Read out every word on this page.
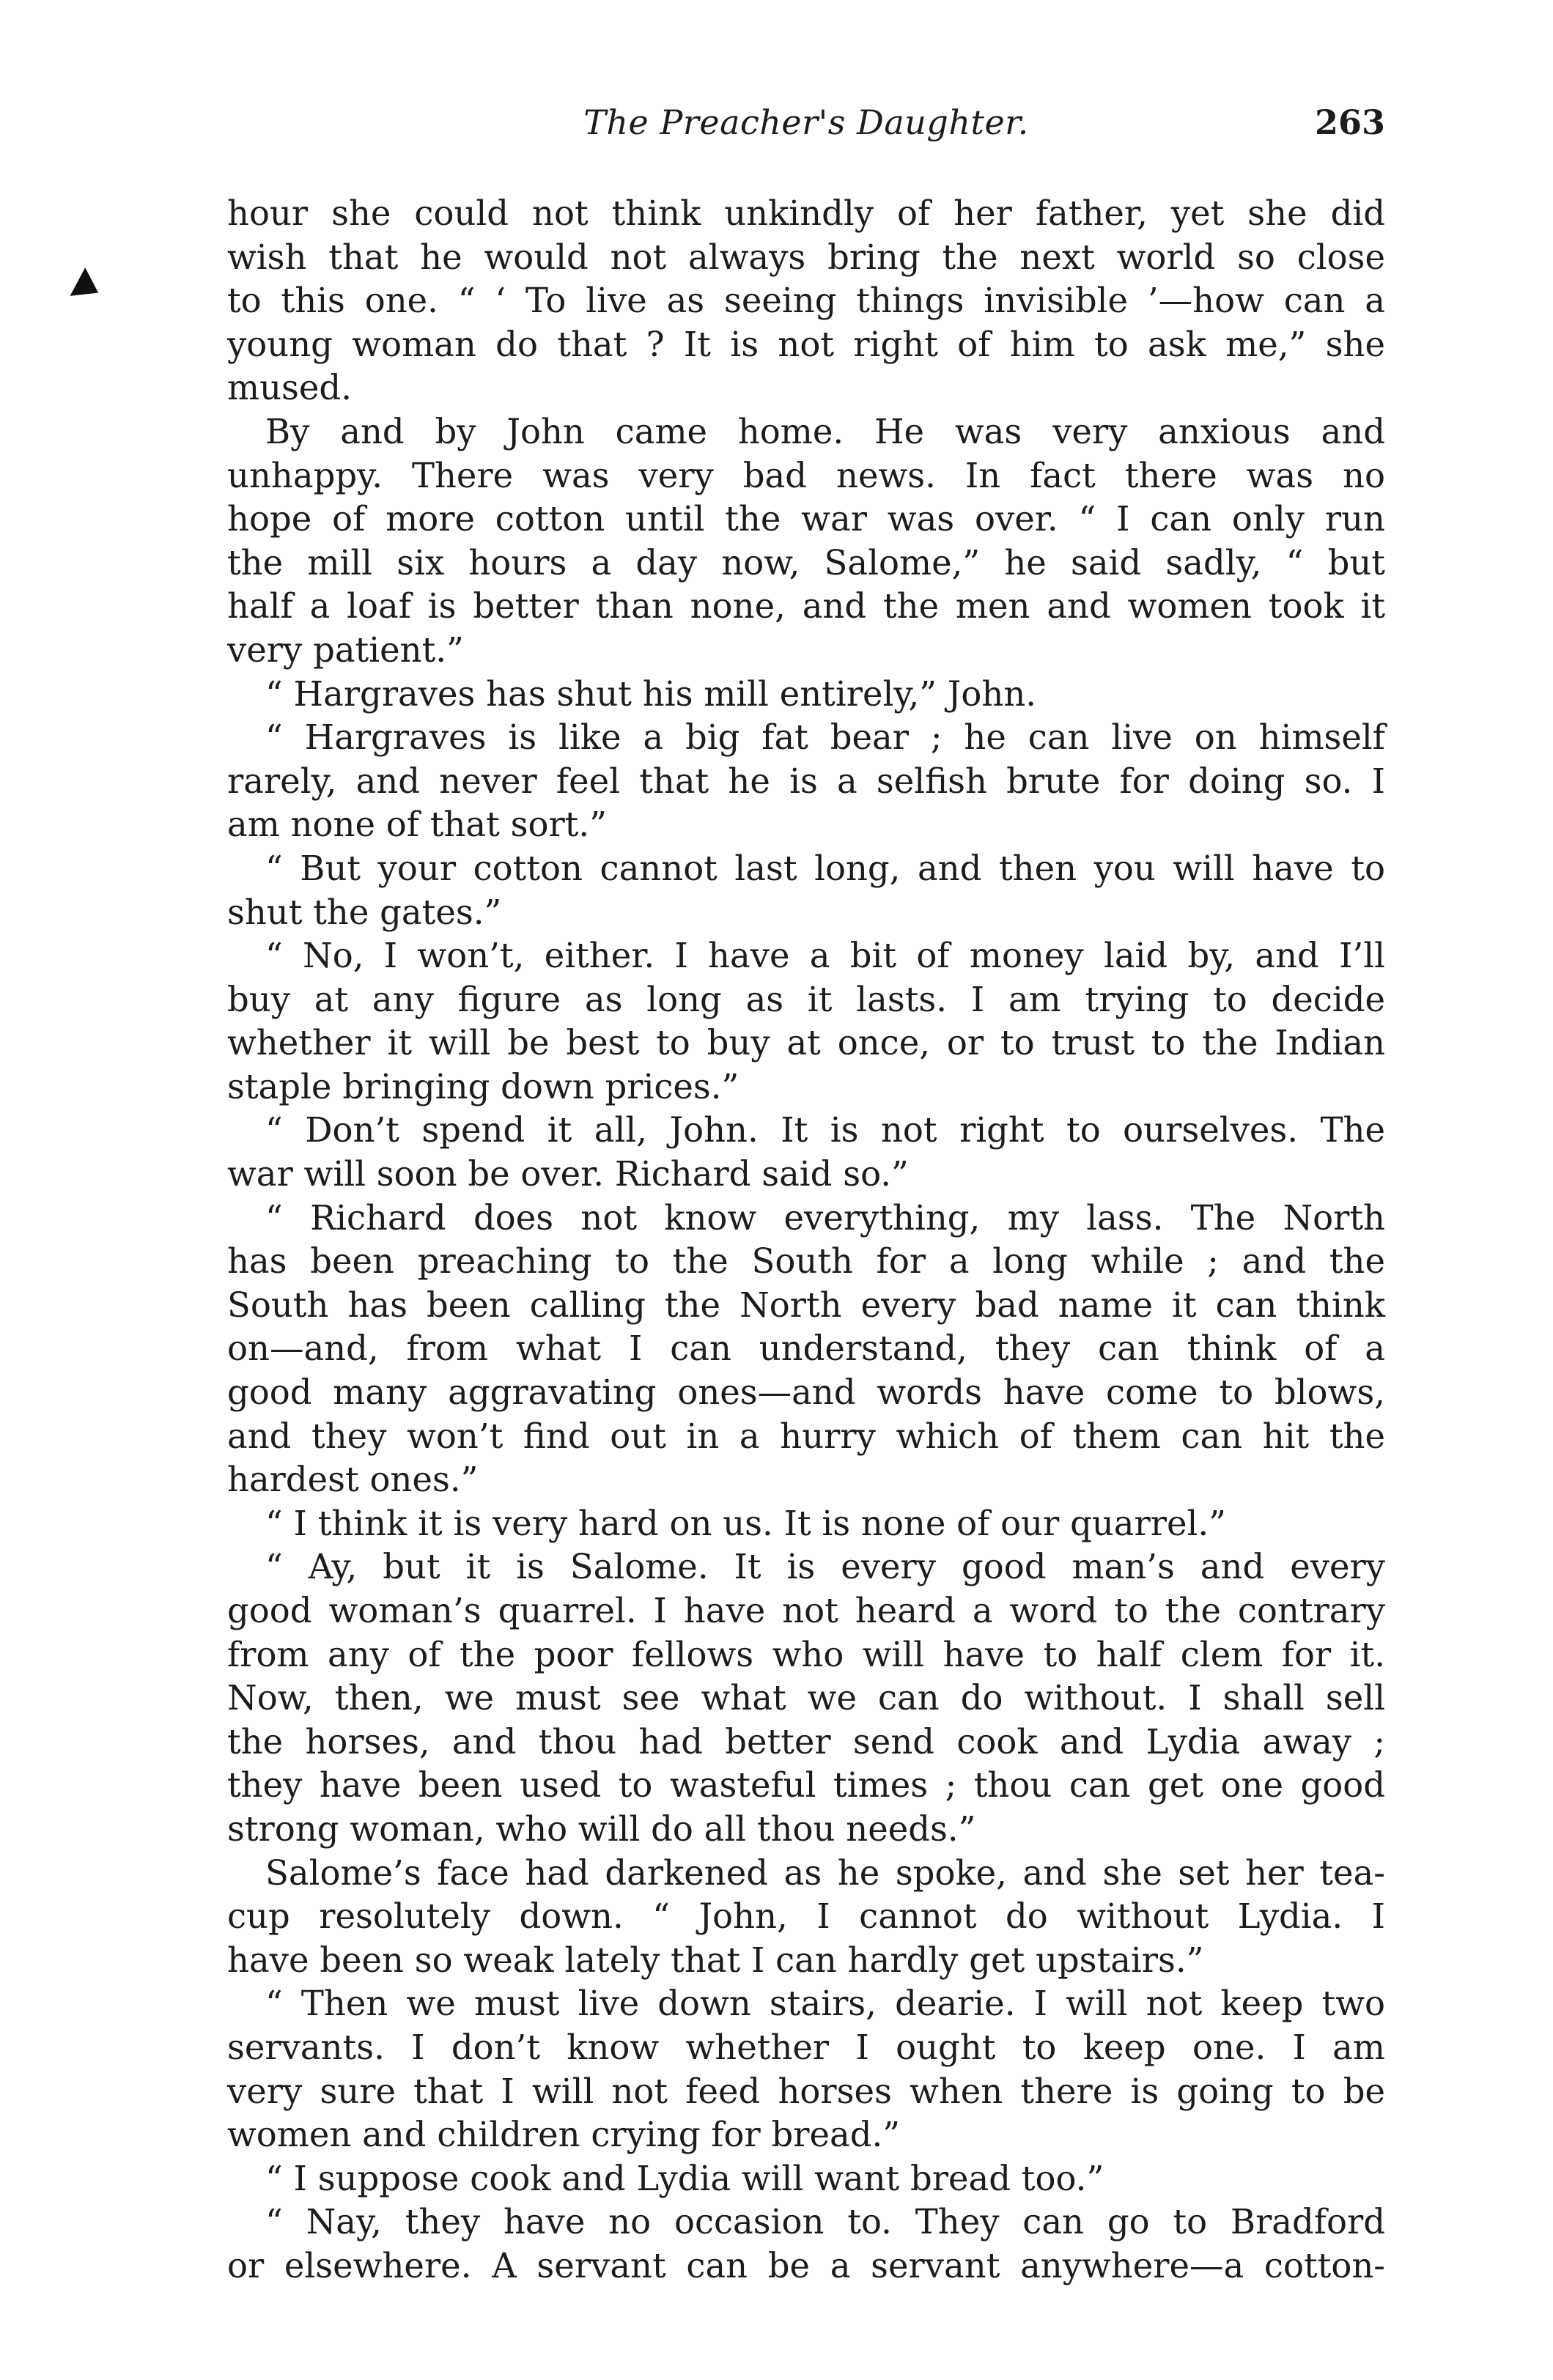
The Preacher's Daughter.	263
hour she could not think unkindly of her father, yet she did
wish that he would not always bring the next world so close
to this one. “ ‘ To live as seeing things invisible ’—how can a
young woman do that ? It is not right of him to ask me,” she
mused.
By and by John came home. He was very anxious and
unhappy. There was very bad news. In fact there was no
hope of more cotton until the war was over. “ I can only run
the mill six hours a day now, Salome,” he said sadly, “ but
half a loaf is better than none, and the men and women took it
very patient.”
“ Hargraves has shut his mill entirely,” John.
“ Hargraves is like a big fat bear ; he can live on himself
rarely, and never feel that he is a selfish brute for doing so. I
am none of that sort.”
“ But your cotton cannot last long, and then you will have to
shut the gates.”
“ No, I won’t, either. I have a bit of money laid by, and I’ll
buy at any figure as long as it lasts. I am trying to decide
whether it will be best to buy at once, or to trust to the Indian
staple bringing down prices.”
“ Don’t spend it all, John. It is not right to ourselves. The
war will soon be over. Richard said so.”
“ Richard does not know everything, my lass. The North
has been preaching to the South for a long while ; and the
South has been calling the North every bad name it can think
on—and, from what I can understand, they can think of a
good many aggravating ones—and words have come to blows,
and they won’t find out in a hurry which of them can hit the
hardest ones.”
“ I think it is very hard on us. It is none of our quarrel.”
“ Ay, but it is Salome. It is every good man’s and every
good woman’s quarrel. I have not heard a word to the contrary
from any of the poor fellows who will have to half clem for it.
Now, then, we must see what we can do without. I shall sell
the horses, and thou had better send cook and Lydia away ;
they have been used to wasteful times ; thou can get one good
strong woman, who will do all thou needs.”
Salome’s face had darkened as he spoke, and she set her tea-
cup resolutely down. “ John, I cannot do without Lydia. I
have been so weak lately that I can hardly get upstairs.”
“ Then we must live down stairs, dearie. I will not keep two
servants. I don’t know whether I ought to keep one. I am
very sure that I will not feed horses when there is going to be
women and children crying for bread.”
“ I suppose cook and Lydia will want bread too.”
“ Nay, they have no occasion to. They can go to Bradford
or elsewhere. A servant can be a servant anywhere—a cotton-
